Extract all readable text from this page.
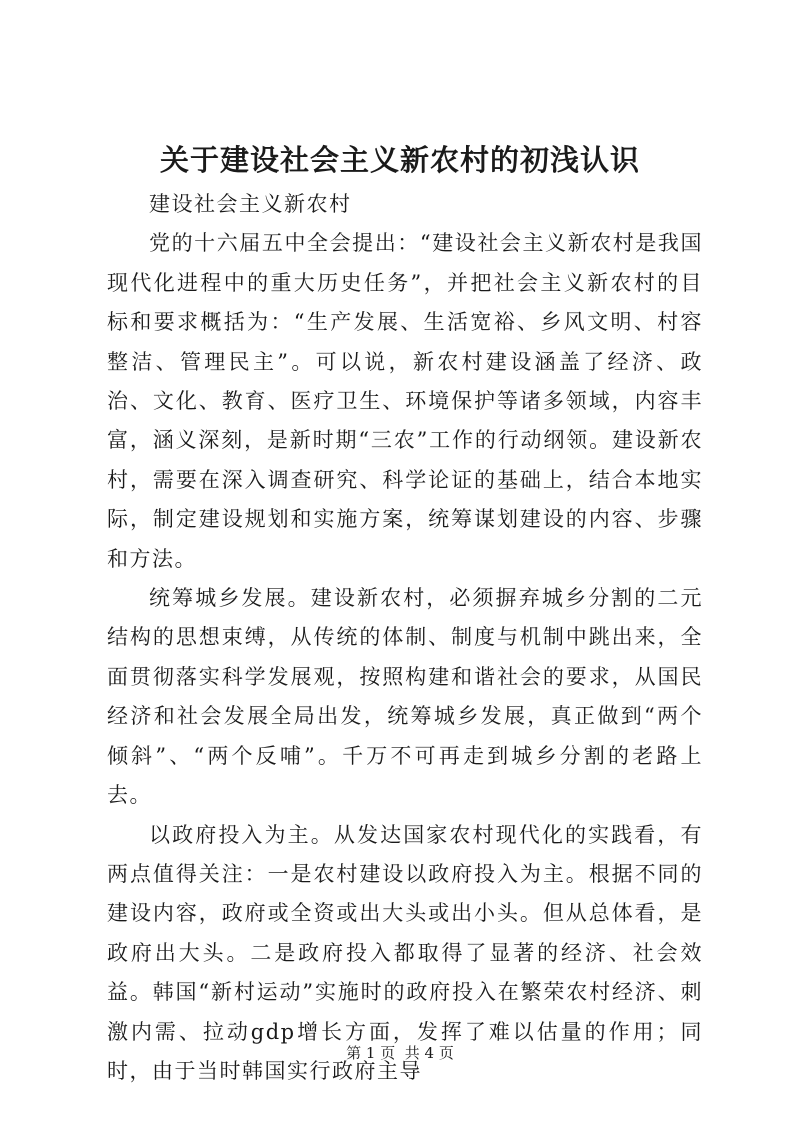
关于建设社会主义新农村的初浅认识

建设社会主义新农村

党的十六届五中全会提出：“建设社会主义新农村是我国现代化进程中的重大历史任务”，并把社会主义新农村的目标和要求概括为：“生产发展、生活宽裕、乡风文明、村容整洁、管理民主”。可以说，新农村建设涵盖了经济、政治、文化、教育、医疗卫生、环境保护等诸多领域，内容丰富，涵义深刻，是新时期“三农”工作的行动纲领。建设新农村，需要在深入调查研究、科学论证的基础上，结合本地实际，制定建设规划和实施方案，统筹谋划建设的内容、步骤和方法。

统筹城乡发展。建设新农村，必须摒弃城乡分割的二元结构的思想束缚，从传统的体制、制度与机制中跳出来，全面贯彻落实科学发展观，按照构建和谐社会的要求，从国民经济和社会发展全局出发，统筹城乡发展，真正做到“两个倾斜”、“两个反哺”。千万不可再走到城乡分割的老路上去。

以政府投入为主。从发达国家农村现代化的实践看，有两点值得关注：一是农村建设以政府投入为主。根据不同的建设内容，政府或全资或出大头或出小头。但从总体看，是政府出大头。二是政府投入都取得了显著的经济、社会效益。韩国“新村运动”实施时的政府投入在繁荣农村经济、刺激内需、拉动gdp增长方面，发挥了难以估量的作用；同时，由于当时韩国实行政府主导

第 1 页  共 4 页
